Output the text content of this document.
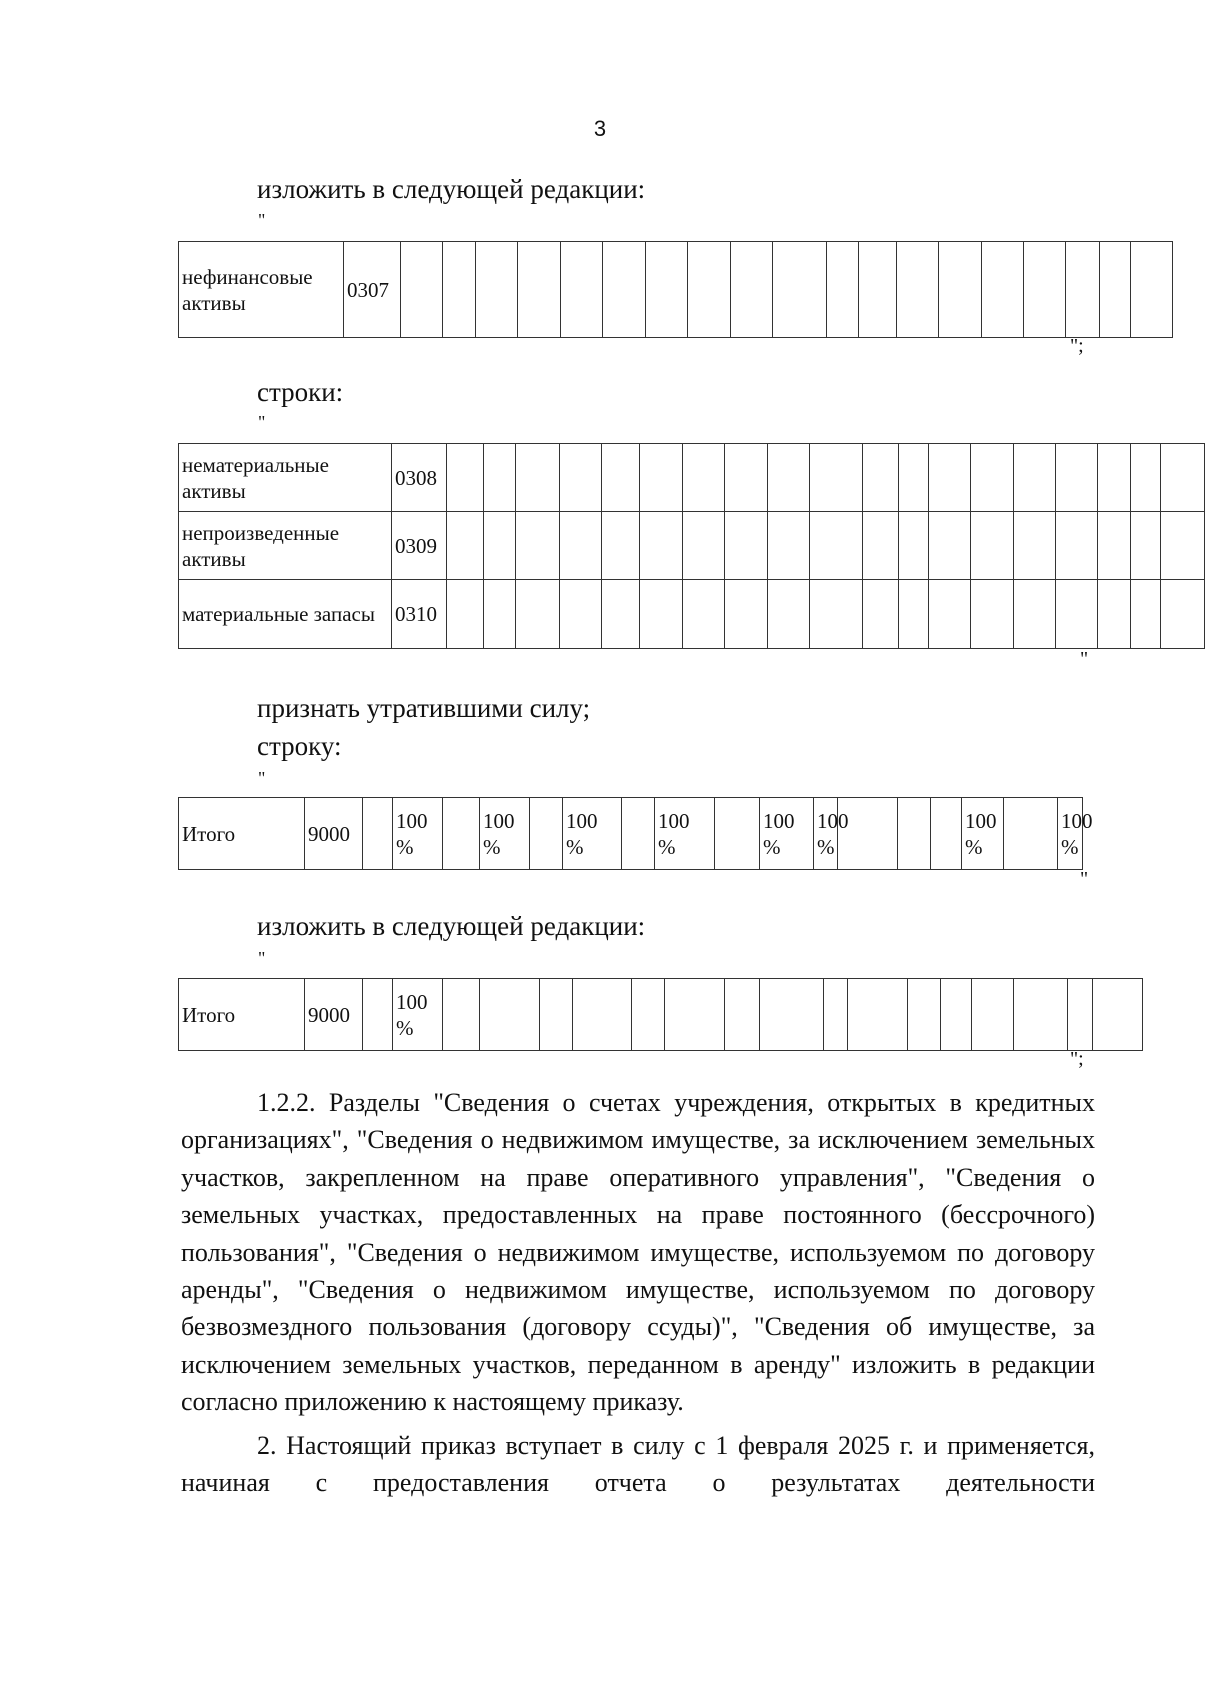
3
изложить в следующей редакции:
"
нефинансовые активы	0307																			
";
строки:
"
нематериальные активы	0308																			
непроизведенные активы	0309																			
материальные запасы	0310																			
"
признать утратившими силу;
строку:
"
Итого	9000		100 %		100 %		100 %		100 %		100 %	100 %				100 %		100 %
"
изложить в следующей редакции:
"
Итого	9000		100 %																
";

1.2.2. Разделы "Сведения о счетах учреждения, открытых в кредитных организациях", "Сведения о недвижимом имуществе, за исключением земельных участков, закрепленном на праве оперативного управления", "Сведения о земельных участках, предоставленных на праве постоянного (бессрочного) пользования", "Сведения о недвижимом имуществе, используемом по договору аренды", "Сведения о недвижимом имуществе, используемом по договору безвозмездного пользования (договору ссуды)", "Сведения об имуществе, за исключением земельных участков, переданном в аренду" изложить в редакции согласно приложению к настоящему приказу.

2. Настоящий приказ вступает в силу с 1 февраля 2025 г. и применяется, начиная с предоставления отчета о результатах деятельности
